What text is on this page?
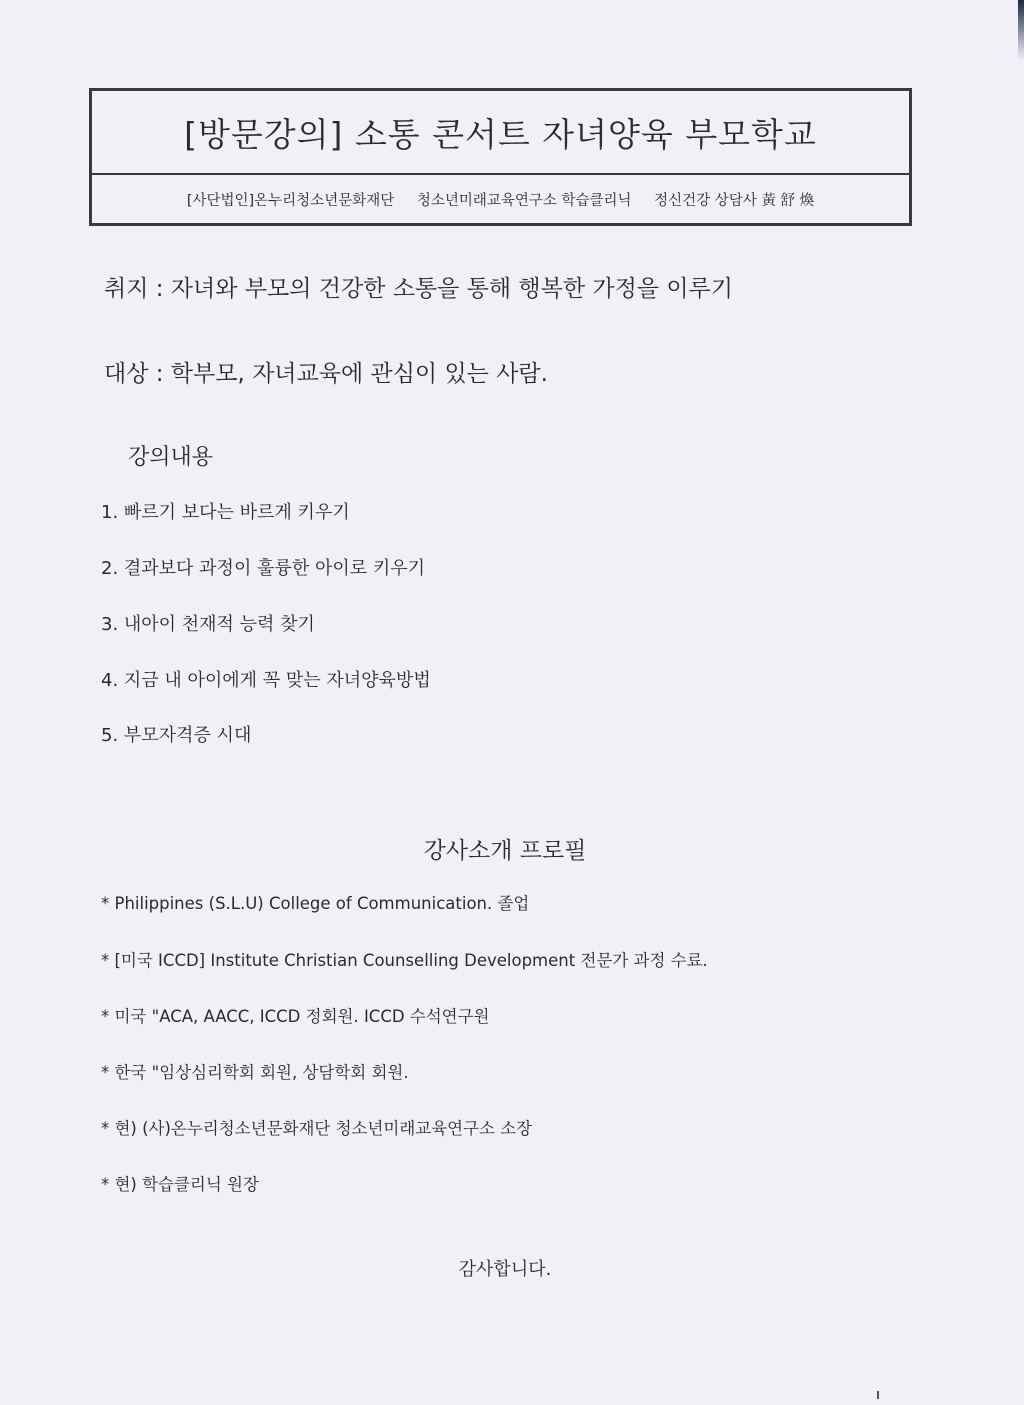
[방문강의] 소통 콘서트 자녀양육 부모학교
[사단법인]온누리청소년문화재단 청소년미래교육연구소 학습클리닉 정신건강 상담사 黃 舒 煥
취지 : 자녀와 부모의 건강한 소통을 통해 행복한 가정을 이루기
대상 : 학부모, 자녀교육에 관심이 있는 사람.
강의내용
1. 빠르기 보다는 바르게 키우기
2. 결과보다 과정이 훌륭한 아이로 키우기
3. 내아이 천재적 능력 찾기
4. 지금 내 아이에게 꼭 맞는 자녀양육방법
5. 부모자격증 시대
강사소개 프로필
* Philippines (S.L.U) College of Communication. 졸업
* [미국 ICCD] Institute Christian Counselling Development 전문가 과정 수료.
* 미국 "ACA, AACC, ICCD 정회원. ICCD 수석연구원
* 한국 "임상심리학회 회원, 상담학회 회원.
* 현) (사)온누리청소년문화재단 청소년미래교육연구소 소장
* 현) 학습클리닉 원장
감사합니다.
